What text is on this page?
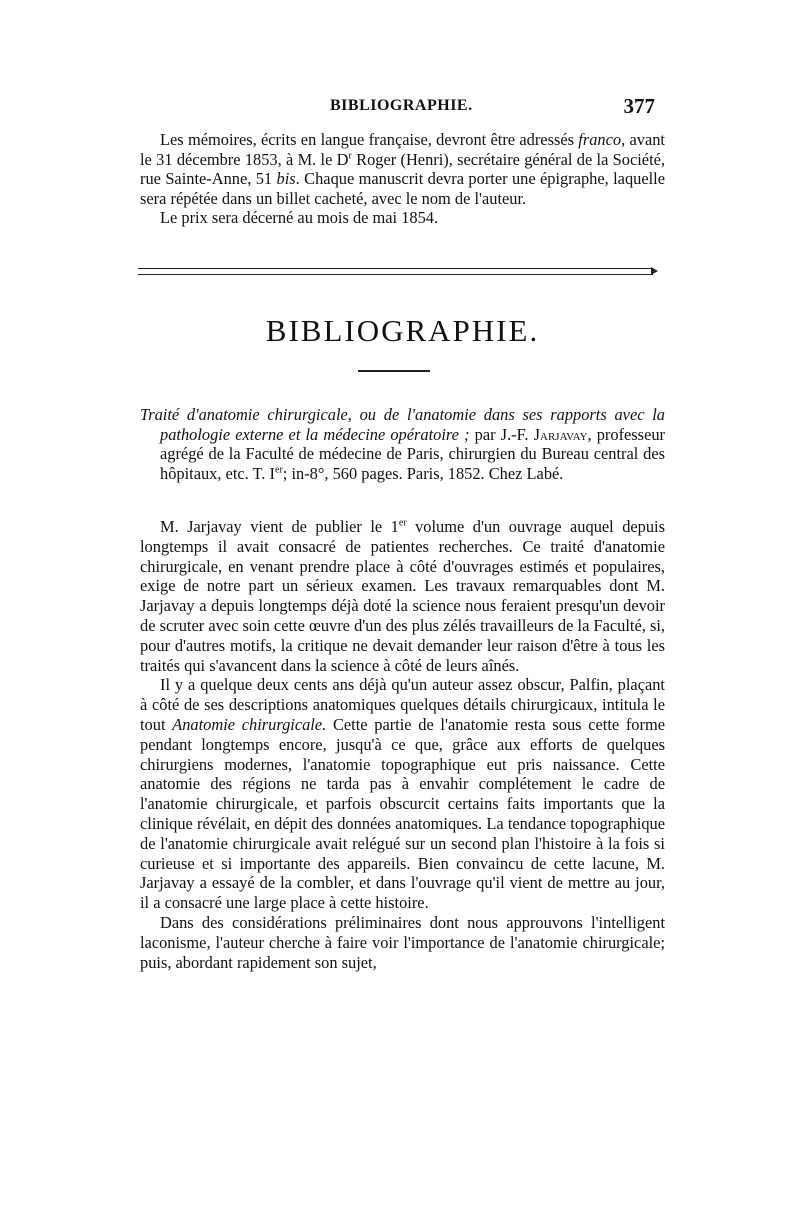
BIBLIOGRAPHIE.	377

Les mémoires, écrits en langue française, devront être adressés franco, avant le 31 décembre 1853, à M. le $D^r$ Roger (Henri), secrétaire général de la Société, rue Sainte-Anne, 51 bis. Chaque manuscrit devra porter une épigraphe, laquelle sera répétée dans un billet cacheté, avec le nom de l'auteur.

Le prix sera décerné au mois de mai 1854.

BIBLIOGRAPHIE.

Traité d'anatomie chirurgicale, ou de l'anatomie dans ses rapports avec la pathologie externe et la médecine opératoire ; par J.-F. Jarjavay, professeur agrégé de la Faculté de médecine de Paris, chirurgien du Bureau central des hôpitaux, etc. T. Ier; in-8°, 560 pages. Paris, 1852. Chez Labé.

M. Jarjavay vient de publier le 1er volume d'un ouvrage auquel depuis longtemps il avait consacré de patientes recherches. Ce traité d'anatomie chirurgicale, en venant prendre place à côté d'ouvrages estimés et populaires, exige de notre part un sérieux examen. Les travaux remarquables dont M. Jarjavay a depuis longtemps déjà doté la science nous feraient presqu'un devoir de scruter avec soin cette œuvre d'un des plus zélés travailleurs de la Faculté, si, pour d'autres motifs, la critique ne devait demander leur raison d'être à tous les traités qui s'avancent dans la science à côté de leurs aînés.

Il y a quelque deux cents ans déjà qu'un auteur assez obscur, Palfin, plaçant à côté de ses descriptions anatomiques quelques détails chirurgicaux, intitula le tout Anatomie chirurgicale. Cette partie de l'anatomie resta sous cette forme pendant longtemps encore, jusqu'à ce que, grâce aux efforts de quelques chirurgiens modernes, l'anatomie topographique eut pris naissance. Cette anatomie des régions ne tarda pas à envahir complétement le cadre de l'anatomie chirurgicale, et parfois obscurcit certains faits importants que la clinique révélait, en dépit des données anatomiques. La tendance topographique de l'anatomie chirurgicale avait relégué sur un second plan l'histoire à la fois si curieuse et si importante des appareils. Bien convaincu de cette lacune, M. Jarjavay a essayé de la combler, et dans l'ouvrage qu'il vient de mettre au jour, il a consacré une large place à cette histoire.

Dans des considérations préliminaires dont nous approuvons l'intelligent laconisme, l'auteur cherche à faire voir l'importance de l'anatomie chirurgicale; puis, abordant rapidement son sujet,
